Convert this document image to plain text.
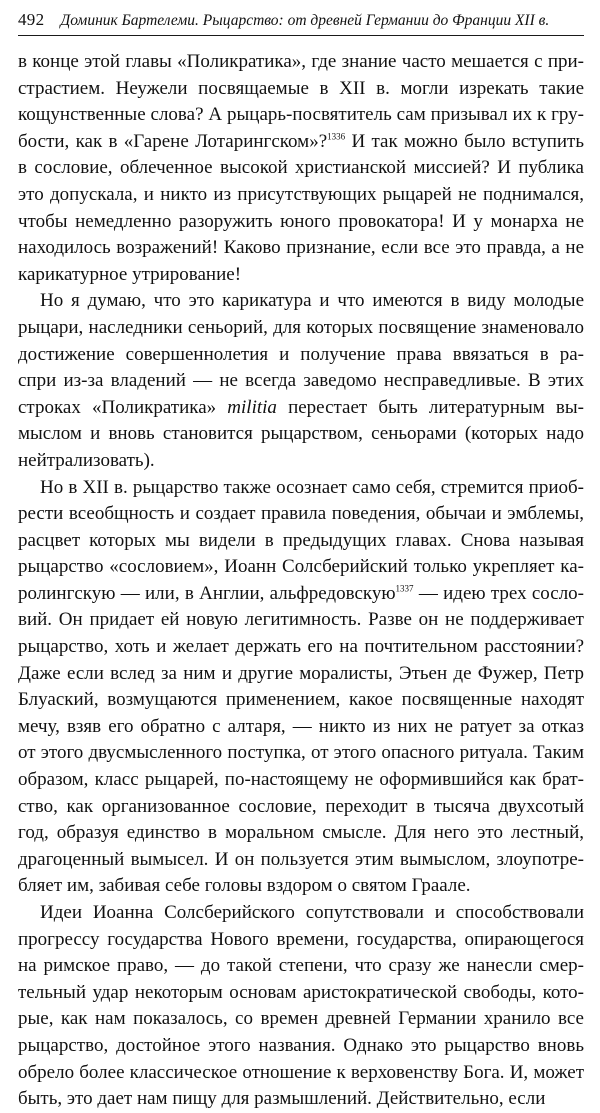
492 Доминик Бартелеми. Рыцарство: от древней Германии до Франции XII в.
в конце этой главы «Поликратика», где знание часто мешается с при-
страстием. Неужели посвящаемые в XII в. могли изрекать такие
кощунственные слова? А рыцарь-посвятитель сам призывал их к гру-
бости, как в «Гарене Лотарингском»?$^{1336}$ И так можно было вступить
в сословие, облеченное высокой христианской миссией? И публика
это допускала, и никто из присутствующих рыцарей не поднимался,
чтобы немедленно разоружить юного провокатора! И у монарха не
находилось возражений! Каково признание, если все это правда, а не
карикатурное утрирование!
Но я думаю, что это карикатура и что имеются в виду молодые
рыцари, наследники сеньорий, для которых посвящение знаменовало
достижение совершеннолетия и получение права ввязаться в ра-
спри из-за владений — не всегда заведомо несправедливые. В этих
строках «Поликратика» militia перестает быть литературным вы-
мыслом и вновь становится рыцарством, сеньорами (которых надо
нейтрализовать).
Но в XII в. рыцарство также осознает само себя, стремится приоб-
рести всеобщность и создает правила поведения, обычаи и эмблемы,
расцвет которых мы видели в предыдущих главах. Снова называя
рыцарство «сословием», Иоанн Солсберийский только укрепляет ка-
ролингскую — или, в Англии, альфредовскую$^{1337}$ — идею трех сосло-
вий. Он придает ей новую легитимность. Разве он не поддерживает
рыцарство, хоть и желает держать его на почтительном расстоянии?
Даже если вслед за ним и другие моралисты, Этьен де Фужер, Петр
Блуаский, возмущаются применением, какое посвященные находят
мечу, взяв его обратно с алтаря, — никто из них не ратует за отказ
от этого двусмысленного поступка, от этого опасного ритуала. Таким
образом, класс рыцарей, по-настоящему не оформившийся как брат-
ство, как организованное сословие, переходит в тысяча двухсотый
год, образуя единство в моральном смысле. Для него это лестный,
драгоценный вымысел. И он пользуется этим вымыслом, злоупотре-
бляет им, забивая себе головы вздором о святом Граале.
Идеи Иоанна Солсберийского сопутствовали и способствовали
прогрессу государства Нового времени, государства, опирающегося
на римское право, — до такой степени, что сразу же нанесли смер-
тельный удар некоторым основам аристократической свободы, кото-
рые, как нам показалось, со времен древней Германии хранило все
рыцарство, достойное этого названия. Однако это рыцарство вновь
обрело более классическое отношение к верховенству Бога. И, может
быть, это дает нам пищу для размышлений. Действительно, если
